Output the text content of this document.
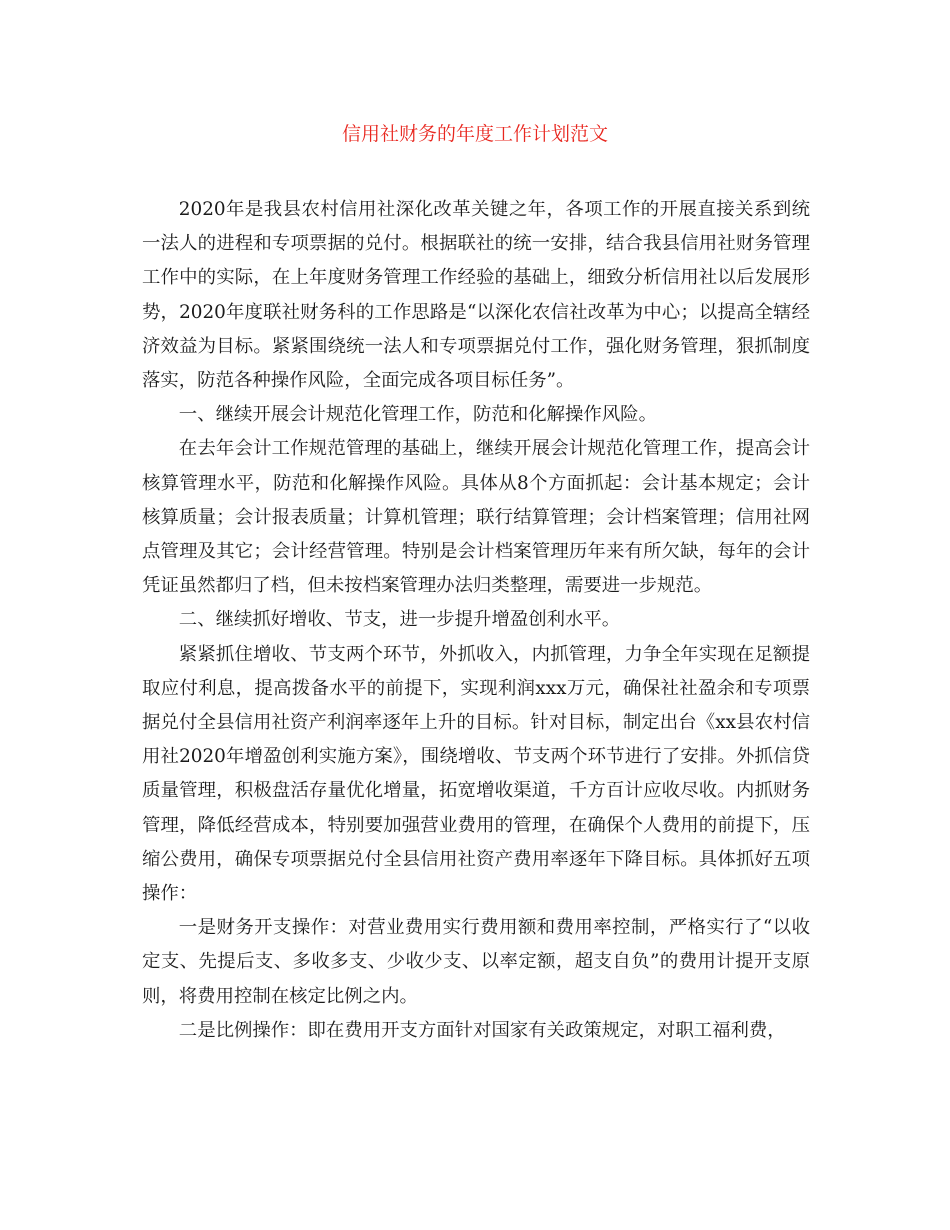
信用社财务的年度工作计划范文

2020年是我县农村信用社深化改革关键之年，各项工作的开展直接关系到统一法人的进程和专项票据的兑付。根据联社的统一安排，结合我县信用社财务管理工作中的实际，在上年度财务管理工作经验的基础上，细致分析信用社以后发展形势，2020年度联社财务科的工作思路是“以深化农信社改革为中心；以提高全辖经济效益为目标。紧紧围绕统一法人和专项票据兑付工作，强化财务管理，狠抓制度落实，防范各种操作风险，全面完成各项目标任务”。

一、继续开展会计规范化管理工作，防范和化解操作风险。

在去年会计工作规范管理的基础上，继续开展会计规范化管理工作，提高会计核算管理水平，防范和化解操作风险。具体从8个方面抓起：会计基本规定；会计核算质量；会计报表质量；计算机管理；联行结算管理；会计档案管理；信用社网点管理及其它；会计经营管理。特别是会计档案管理历年来有所欠缺，每年的会计凭证虽然都归了档，但未按档案管理办法归类整理，需要进一步规范。

二、继续抓好增收、节支，进一步提升增盈创利水平。

紧紧抓住增收、节支两个环节，外抓收入，内抓管理，力争全年实现在足额提取应付利息，提高拨备水平的前提下，实现利润xxx万元，确保社社盈余和专项票据兑付全县信用社资产利润率逐年上升的目标。针对目标，制定出台《xx县农村信用社2020年增盈创利实施方案》，围绕增收、节支两个环节进行了安排。外抓信贷质量管理，积极盘活存量优化增量，拓宽增收渠道，千方百计应收尽收。内抓财务管理，降低经营成本，特别要加强营业费用的管理，在确保个人费用的前提下，压缩公费用，确保专项票据兑付全县信用社资产费用率逐年下降目标。具体抓好五项操作：

一是财务开支操作：对营业费用实行费用额和费用率控制，严格实行了“以收定支、先提后支、多收多支、少收少支、以率定额，超支自负”的费用计提开支原则，将费用控制在核定比例之内。

二是比例操作：即在费用开支方面针对国家有关政策规定，对职工福利费，
